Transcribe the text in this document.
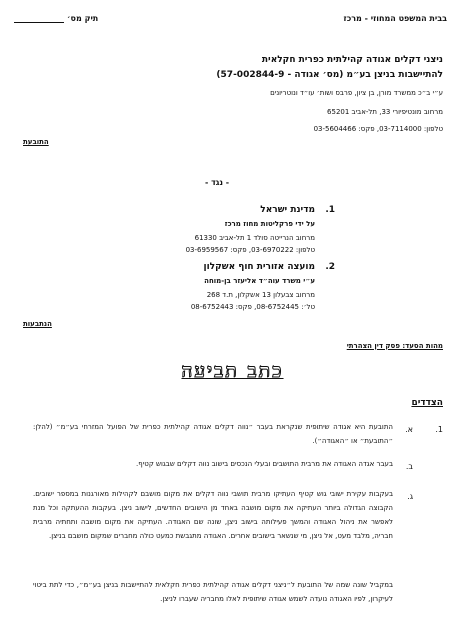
בבית המשפט המחוזי - מרכז
תיק מס׳
ניצני דקלים אגודה קהילתית כפרית חקלאית
להתיישבות בניצן בע״מ (מס׳ אגודה - 57-002844-9)
ע״י ב״כ ממשרד מורן, בן ציון, פרבס ושות׳ עו״ד ונוטריונים
מרחוב מונטיפיורי 33, תל-אביב 65201
טלפון: 03-7114000, פקס: 03-5604466
התובעת
- נגד -
1.
מדינת ישראל
על ידי פרקליטות מחוז מרכז
מרחוב הנרייטה סולד 1 תל-אביב 61330
טלפון: 03-6970222, פקס: 03-6959567
2.
מועצה אזורית חוף אשקלון
ע״י משרד עוה״ד אליעזר בן-מוחה
מרחוב צבעלון 13 אשקלון, ת.ד 268
טל׳: 08-6752445, פקס: 08-6752443
הנתבעות
מהות הסעד: פסק דין הצהרתי
כתב תביעה
הצדדים
1.
א.
התובעת היא אגודה שיתופית שנקראת בעבר ״נווה דקלים אגודה קהילתית כפרית של הפועל המזרחי בע״מ״ (להלן: ״התובעת״ או ״האגודה״).
ב.
בעבר אגדה האגודה את מרבית התושבים ובעלי הנכסים בישוב נווה דקלים שבגוש קטיף.
ג.
בעקבות עקירת ישובי גוש קטיף העתיקו מרבית תושבי נווה דקלים את מקום מושבם לקהילות מאורגנות במספר ישובים. הקבוצה הגדולה ביותר העתיקה את מקום מושבה באחד מן הישובים החדשים, לישוב ניצן. בעקבות ההעתקה וכל מנת לאפשר את ניהול האגודה והמשך פעילותה בישוב ניצן, שונה שם האגודה. העתיקה את מקום מושבה ותחתיה מרבית חבריה, מלבד מעט, אל ניצן, מי שנשאר בישובים אחרים. האגודה מתגבשת כמעט כולה מחברים שמקום מושבם בניצן.
במקביל שונה שמה של התובעת ל״ניצני דקלים אגודה קהילתית כפרית חקלאית להתיישבות בניצן בע״מ״, כדי לתת ביטוי לעיקרון, לפיו האגודה נועדה לשמש אגודה שיתופית לאלו מחבריה שעברו לניצן.
